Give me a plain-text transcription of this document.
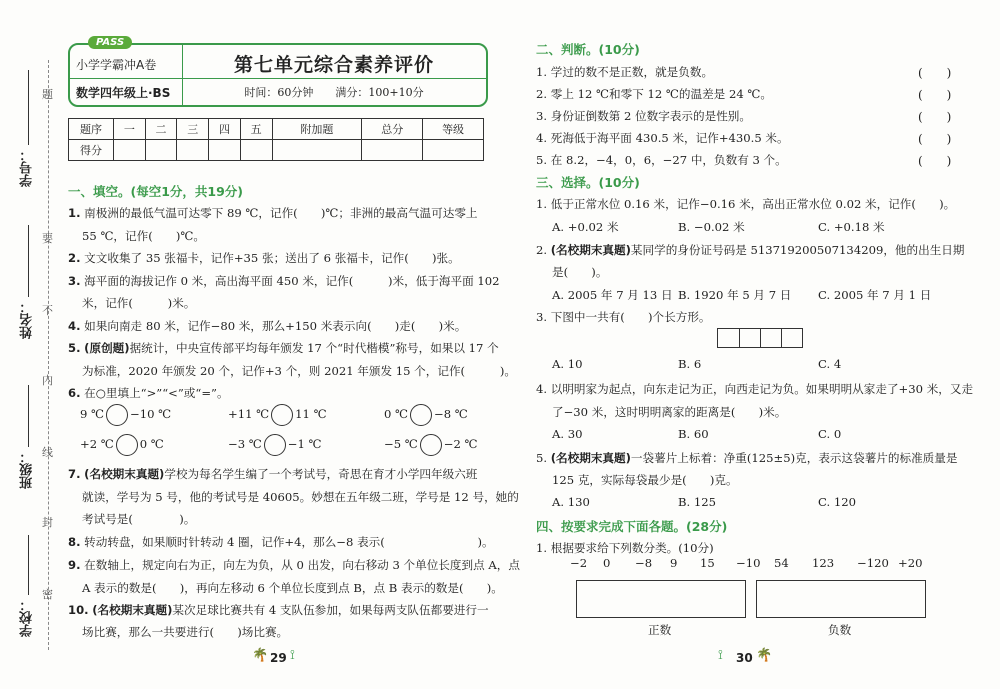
学校：
班级：
姓名：
学号：
题
要
不
内
线
封
密
PASS
小学学霸冲A卷
数学四年级上·BS
第七单元综合素养评价
时间：60分钟　　满分：100+10分
题序	一	二	三	四	五	附加题	总分	等级
得分								
一、填空。(每空1分，共19分)
1. 南极洲的最低气温可达零下 89 ℃，记作(　　)℃；非洲的最高气温可达零上
55 ℃，记作(　　)℃。
2. 文文收集了 35 张福卡，记作+35 张；送出了 6 张福卡，记作(　　)张。
3. 海平面的海拔记作 0 米，高出海平面 450 米，记作(　　　)米，低于海平面 102
米，记作(　　　)米。
4. 如果向南走 80 米，记作−80 米，那么+150 米表示向(　　)走(　　)米。
5. (原创题)据统计，中央宣传部平均每年颁发 17 个“时代楷模”称号，如果以 17 个
为标准，2020 年颁发 20 个，记作+3 个，则 2021 年颁发 15 个，记作(　　　)。
6. 在○里填上“>”“<”或“=”。
9 ℃ −10 ℃	+11 ℃ 11 ℃	0 ℃ −8 ℃
+2 ℃ 0 ℃	−3 ℃ −1 ℃	−5 ℃ −2 ℃
7. (名校期末真题)学校为每名学生编了一个考试号，奇思在育才小学四年级六班
就读，学号为 5 号，他的考试号是 40605。妙想在五年级二班，学号是 12 号，她的
考试号是(　　　　)。
8. 转动转盘，如果顺时针转动 4 圈，记作+4，那么−8 表示(　　　　　　　　)。
9. 在数轴上，规定向右为正，向左为负，从 0 出发，向右移动 3 个单位长度到点 A，点
A 表示的数是(　　)，再向左移动 6 个单位长度到点 B，点 B 表示的数是(　　)。
10. (名校期末真题)某次足球比赛共有 4 支队伍参加，如果每两支队伍都要进行一
场比赛，那么一共要进行(　　)场比赛。
二、判断。(10分)
1. 学过的数不是正数，就是负数。	(　　)
2. 零上 12 ℃和零下 12 ℃的温差是 24 ℃。	(　　)
3. 身份证倒数第 2 位数字表示的是性别。	(　　)
4. 死海低于海平面 430.5 米，记作+430.5 米。	(　　)
5. 在 8.2，−4，0，6，−27 中，负数有 3 个。	(　　)
三、选择。(10分)
1. 低于正常水位 0.16 米，记作−0.16 米，高出正常水位 0.02 米，记作(　　)。
A. +0.02 米	B. −0.02 米	C. +0.18 米
2. (名校期末真题)某同学的身份证号码是 513719200507134209，他的出生日期
是(　　)。
A. 2005 年 7 月 13 日 B. 1920 年 5 月 7 日 C. 2005 年 7 月 1 日
3. 下图中一共有(　　)个长方形。
A. 10	B. 6	C. 4
4. 以明明家为起点，向东走记为正，向西走记为负。如果明明从家走了+30 米，又走
了−30 米，这时明明离家的距离是(　　)米。
A. 30	B. 60	C. 0
5. (名校期末真题)一袋薯片上标着：净重(125±5)克，表示这袋薯片的标准质量是
125 克，实际每袋最少是(　　)克。
A. 130	B. 125	C. 120
四、按要求完成下面各题。(28分)
1. 根据要求给下列数分类。(10分)
−2 0 −8 9 15 −10 54 123 −120 +20
正数	负数
🌴 29 ⟟	⟟ 30 🌴
